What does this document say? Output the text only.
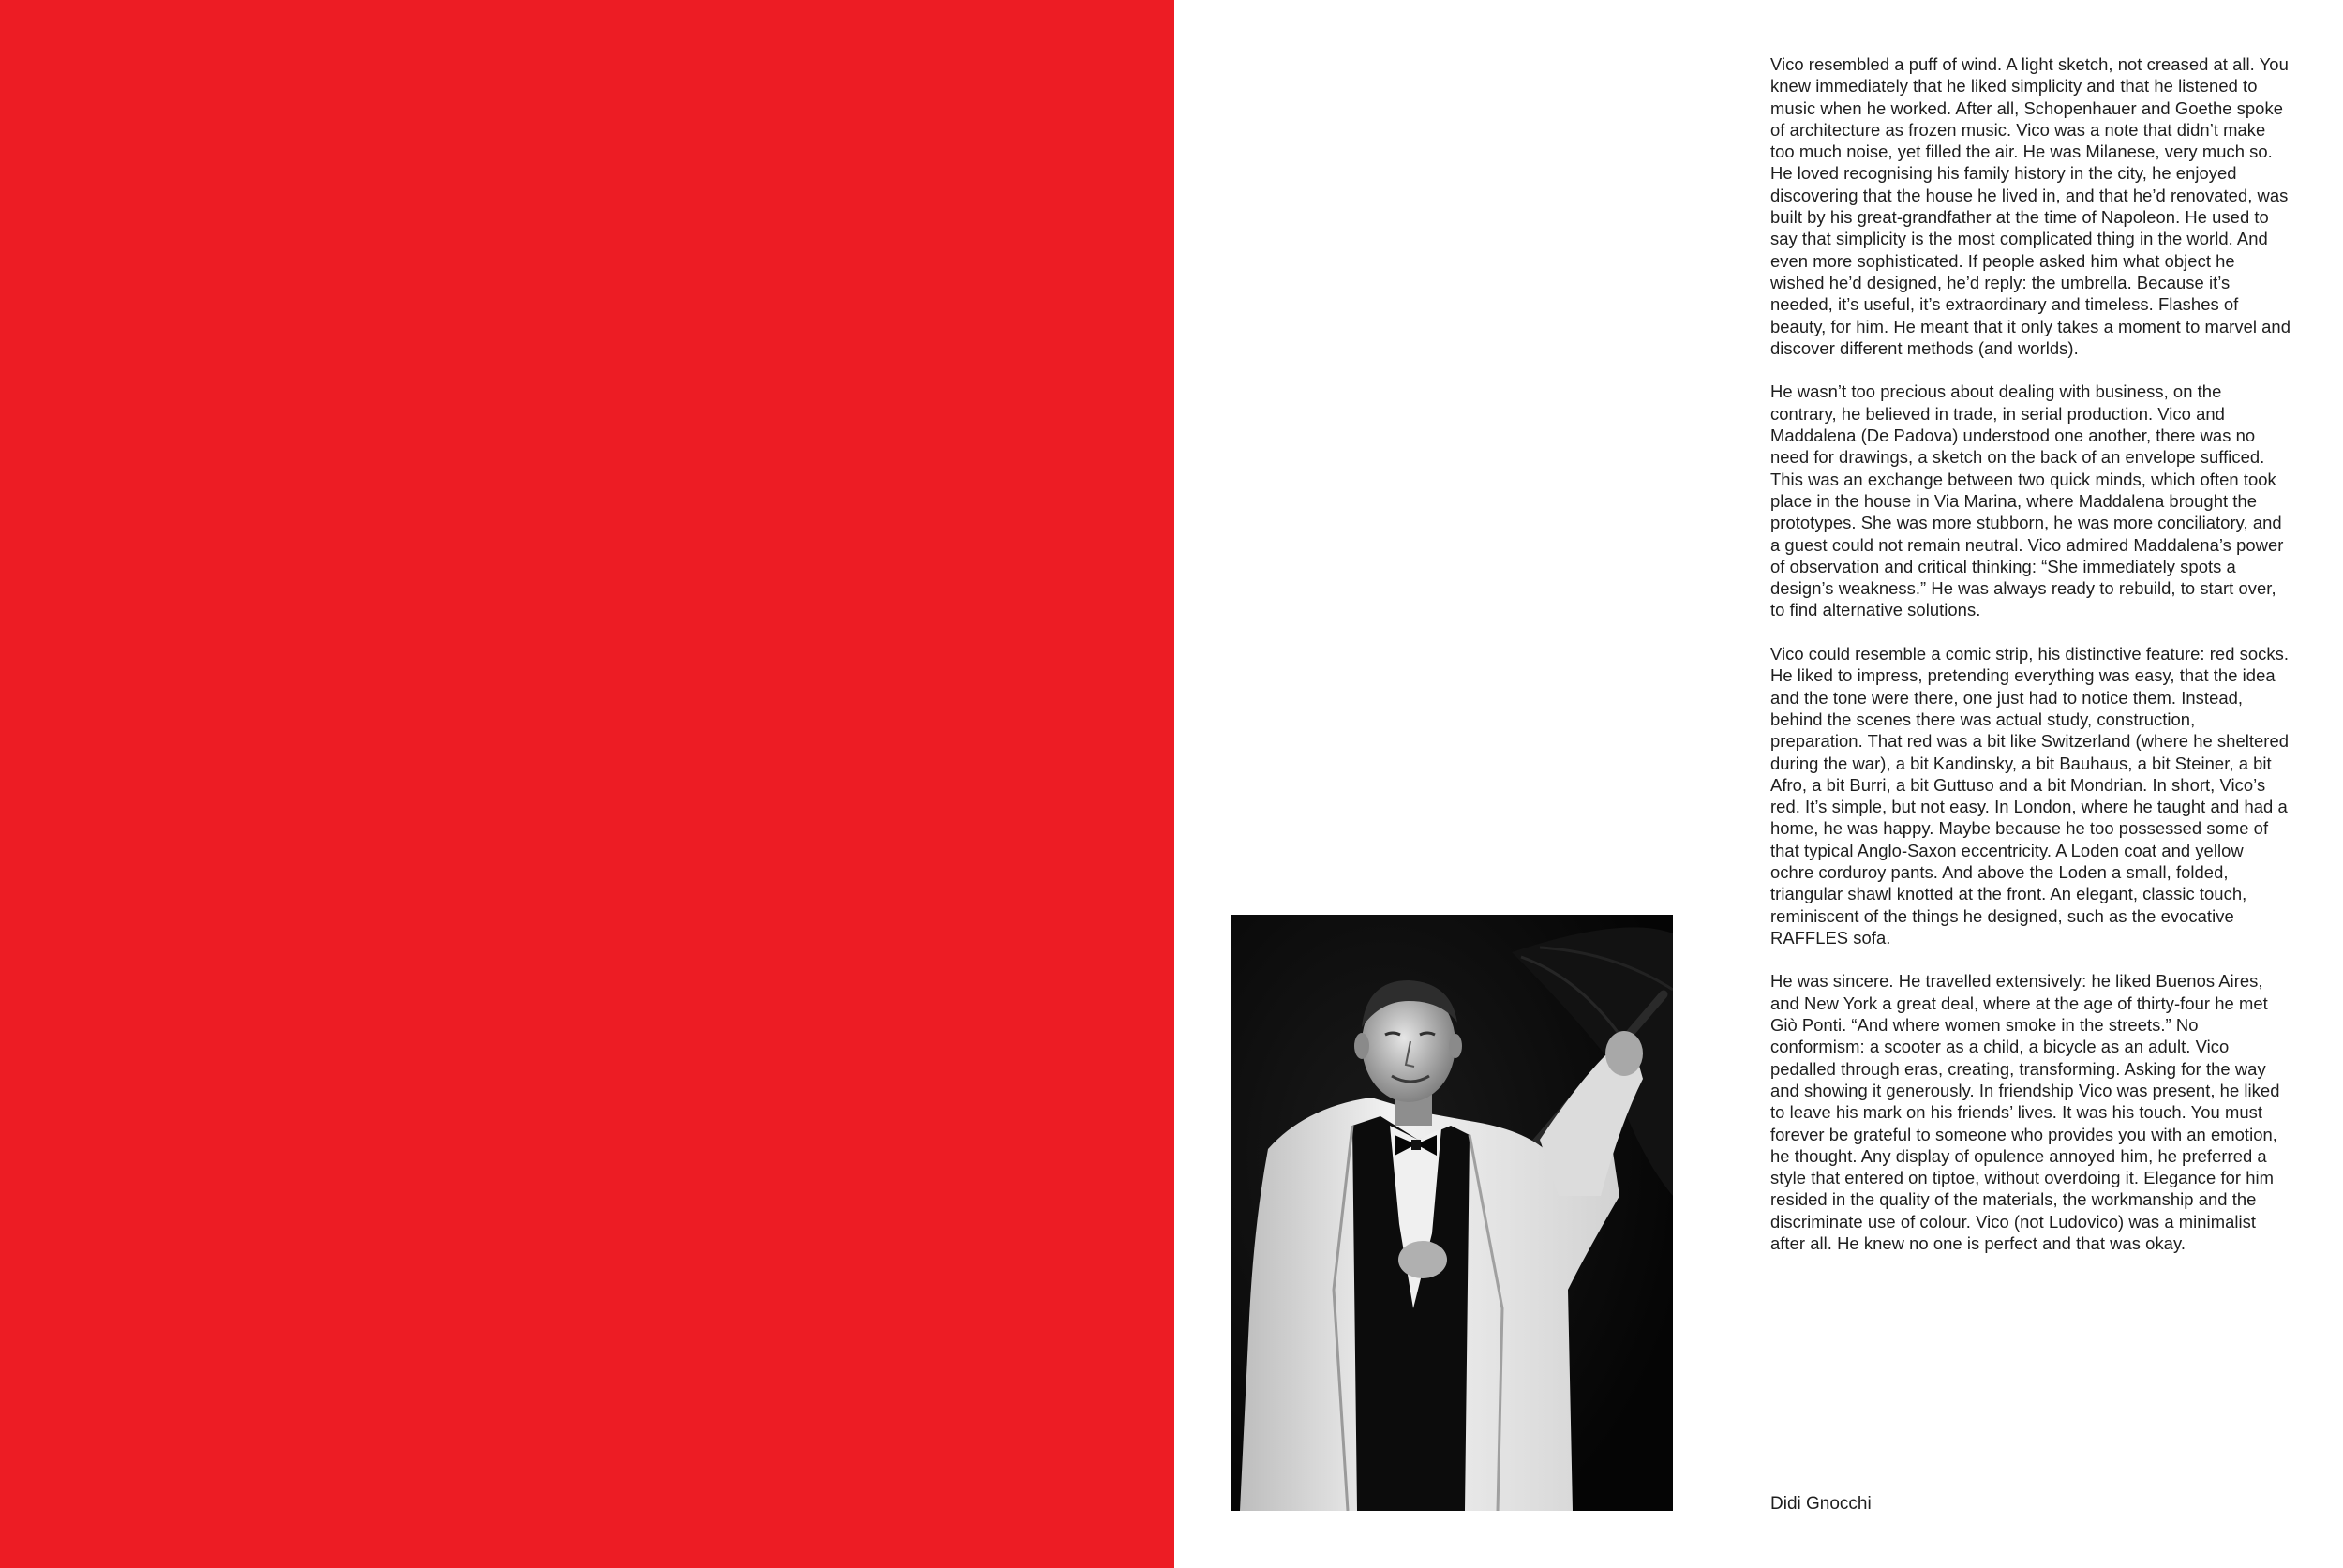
Vico resembled a puff of wind. A light sketch, not creased at all. You knew immediately that he liked simplicity and that he listened to music when he worked. After all, Schopenhauer and Goethe spoke of architecture as frozen music. Vico was a note that didn’t make too much noise, yet filled the air. He was Milanese, very much so. He loved recognising his family history in the city, he enjoyed discovering that the house he lived in, and that he’d renovated, was built by his great-grandfather at the time of Napoleon. He used to say that simplicity is the most complicated thing in the world. And even more sophisticated. If people asked him what object he wished he’d designed, he’d reply: the umbrella. Because it’s needed, it’s useful, it’s extraordinary and timeless. Flashes of beauty, for him. He meant that it only takes a moment to marvel and discover different methods (and worlds).

He wasn’t too precious about dealing with business, on the contrary, he believed in trade, in serial production. Vico and Maddalena (De Padova) understood one another, there was no need for drawings, a sketch on the back of an envelope sufficed. This was an exchange between two quick minds, which often took place in the house in Via Marina, where Maddalena brought the prototypes. She was more stubborn, he was more conciliatory, and a guest could not remain neutral. Vico admired Maddalena’s power of observation and critical thinking: “She immediately spots a design’s weakness.” He was always ready to rebuild, to start over, to find alternative solutions.

Vico could resemble a comic strip, his distinctive feature: red socks. He liked to impress, pretending everything was easy, that the idea and the tone were there, one just had to notice them. Instead, behind the scenes there was actual study, construction, preparation. That red was a bit like Switzerland (where he sheltered during the war), a bit Kandinsky, a bit Bauhaus, a bit Steiner, a bit Afro, a bit Burri, a bit Guttuso and a bit Mondrian. In short, Vico’s red. It’s simple, but not easy. In London, where he taught and had a home, he was happy. Maybe because he too possessed some of that typical Anglo-Saxon eccentricity. A Loden coat and yellow ochre corduroy pants. And above the Loden a small, folded, triangular shawl knotted at the front. An elegant, classic touch, reminiscent of the things he designed, such as the evocative RAFFLES sofa.

He was sincere. He travelled extensively: he liked Buenos Aires, and New York a great deal, where at the age of thirty-four he met Giò Ponti. “And where women smoke in the streets.” No conformism: a scooter as a child, a bicycle as an adult. Vico pedalled through eras, creating, transforming. Asking for the way and showing it generously. In friendship Vico was present, he liked to leave his mark on his friends’ lives. It was his touch. You must forever be grateful to someone who provides you with an emotion, he thought. Any display of opulence annoyed him, he preferred a style that entered on tiptoe, without overdoing it. Elegance for him resided in the quality of the materials, the workmanship and the discriminate use of colour. Vico (not Ludovico) was a minimalist after all. He knew no one is perfect and that was okay.

Didi Gnocchi
